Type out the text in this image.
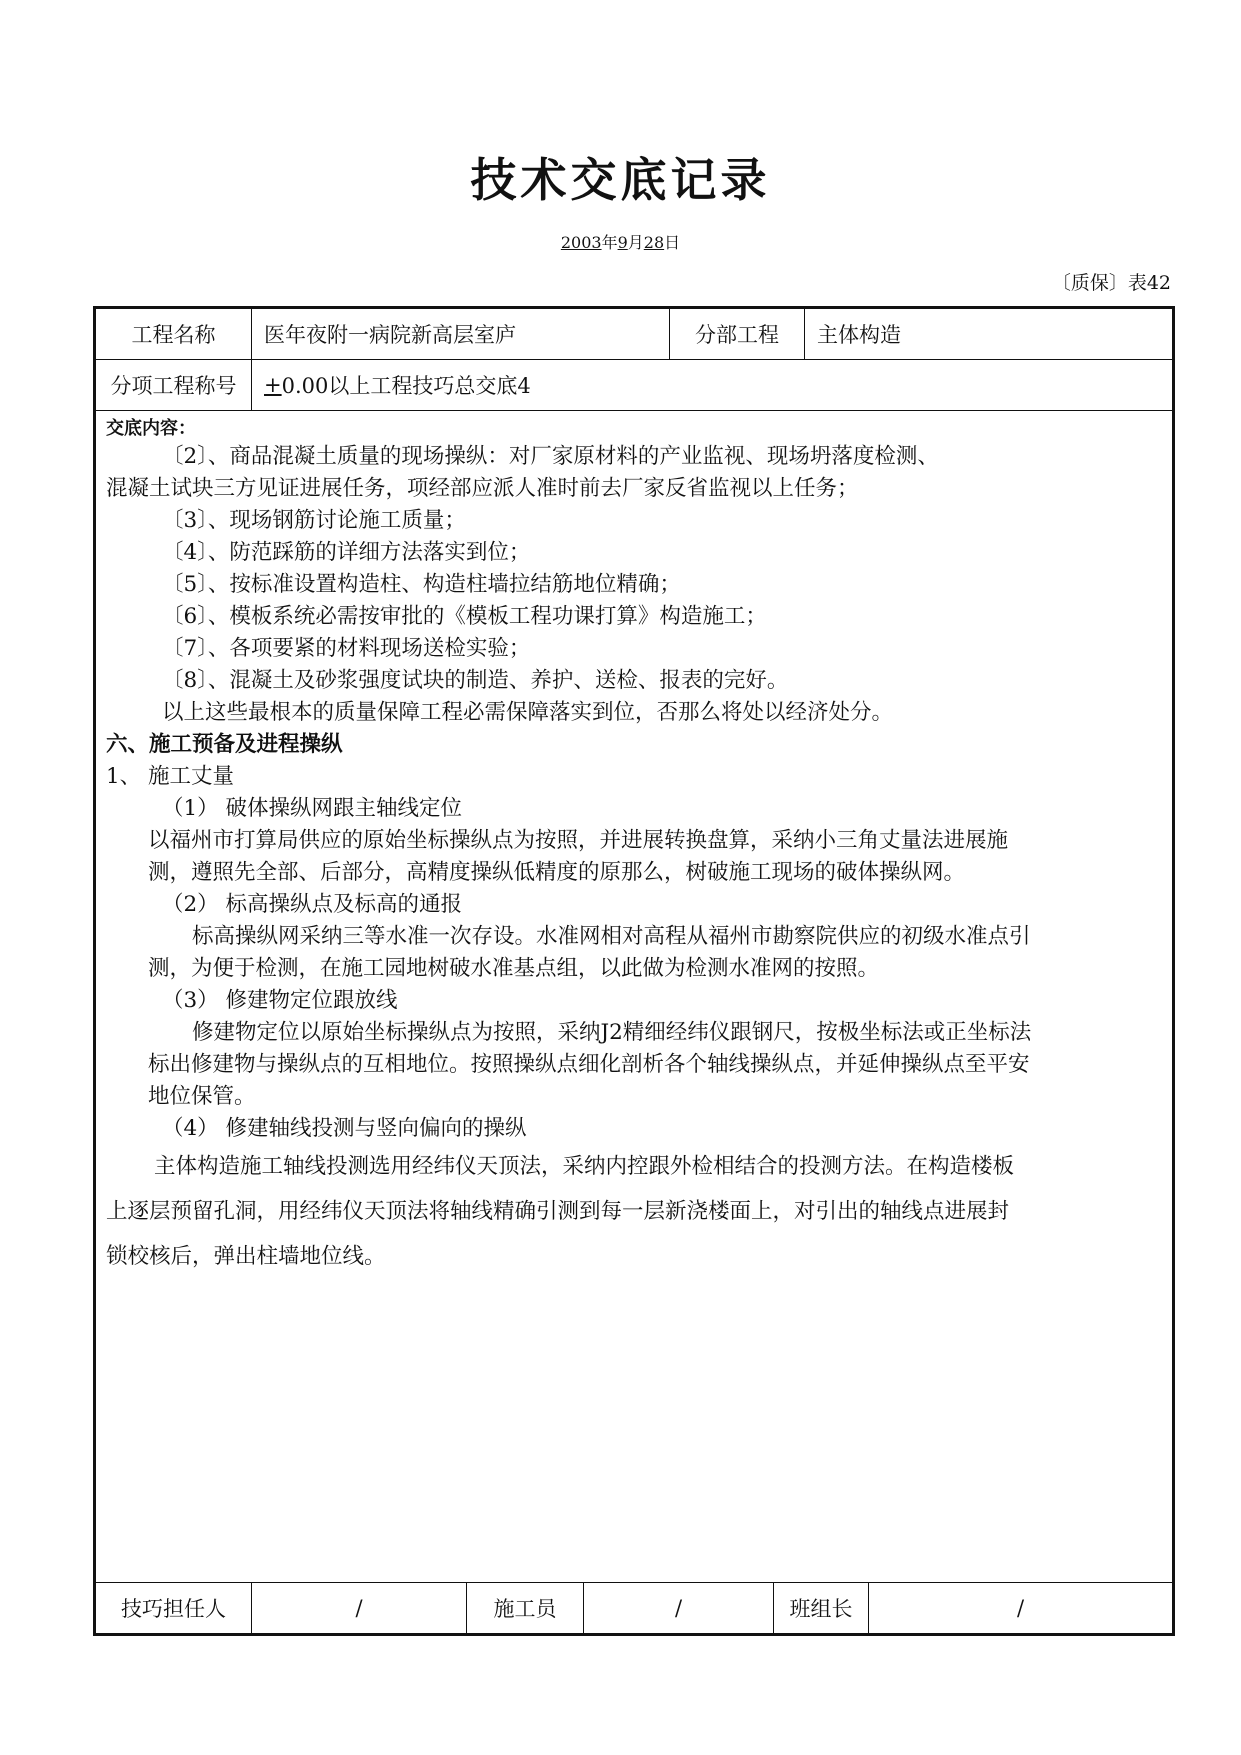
技术交底记录
2003年9月28日
〔质保〕表42
工程名称	医年夜附一病院新高层室庐	分部工程	主体构造
分项工程称号	+ 0.00以上工程技巧总交底4
交底内容：
〔2〕、商品混凝土质量的现场操纵：对厂家原材料的产业监视、现场坍落度检测、
混凝土试块三方见证进展任务，项经部应派人准时前去厂家反省监视以上任务；
〔3〕、现场钢筋讨论施工质量；
〔4〕、防范踩筋的详细方法落实到位；
〔5〕、按标准设置构造柱、构造柱墙拉结筋地位精确；
〔6〕、模板系统必需按审批的《模板工程功课打算》构造施工；
〔7〕、各项要紧的材料现场送检实验；
〔8〕、混凝土及砂浆强度试块的制造、养护、送检、报表的完好。
以上这些最根本的质量保障工程必需保障落实到位，否那么将处以经济处分。
六、施工预备及进程操纵
1、 施工丈量
（1） 破体操纵网跟主轴线定位
以福州市打算局供应的原始坐标操纵点为按照，并进展转换盘算，采纳小三角丈量法进展施
测，遵照先全部、后部分，高精度操纵低精度的原那么，树破施工现场的破体操纵网。
（2） 标高操纵点及标高的通报
标高操纵网采纳三等水准一次存设。水准网相对高程从福州市勘察院供应的初级水准点引
测，为便于检测，在施工园地树破水准基点组，以此做为检测水准网的按照。
（3） 修建物定位跟放线
修建物定位以原始坐标操纵点为按照，采纳J2精细经纬仪跟钢尺，按极坐标法或正坐标法
标出修建物与操纵点的互相地位。按照操纵点细化剖析各个轴线操纵点，并延伸操纵点至平安
地位保管。
（4） 修建轴线投测与竖向偏向的操纵
主体构造施工轴线投测选用经纬仪天顶法，采纳内控跟外检相结合的投测方法。在构造楼板
上逐层预留孔洞，用经纬仪天顶法将轴线精确引测到每一层新浇楼面上，对引出的轴线点进展封
锁校核后，弹出柱墙地位线。
技巧担任人	/	施工员	/	班组长	/
